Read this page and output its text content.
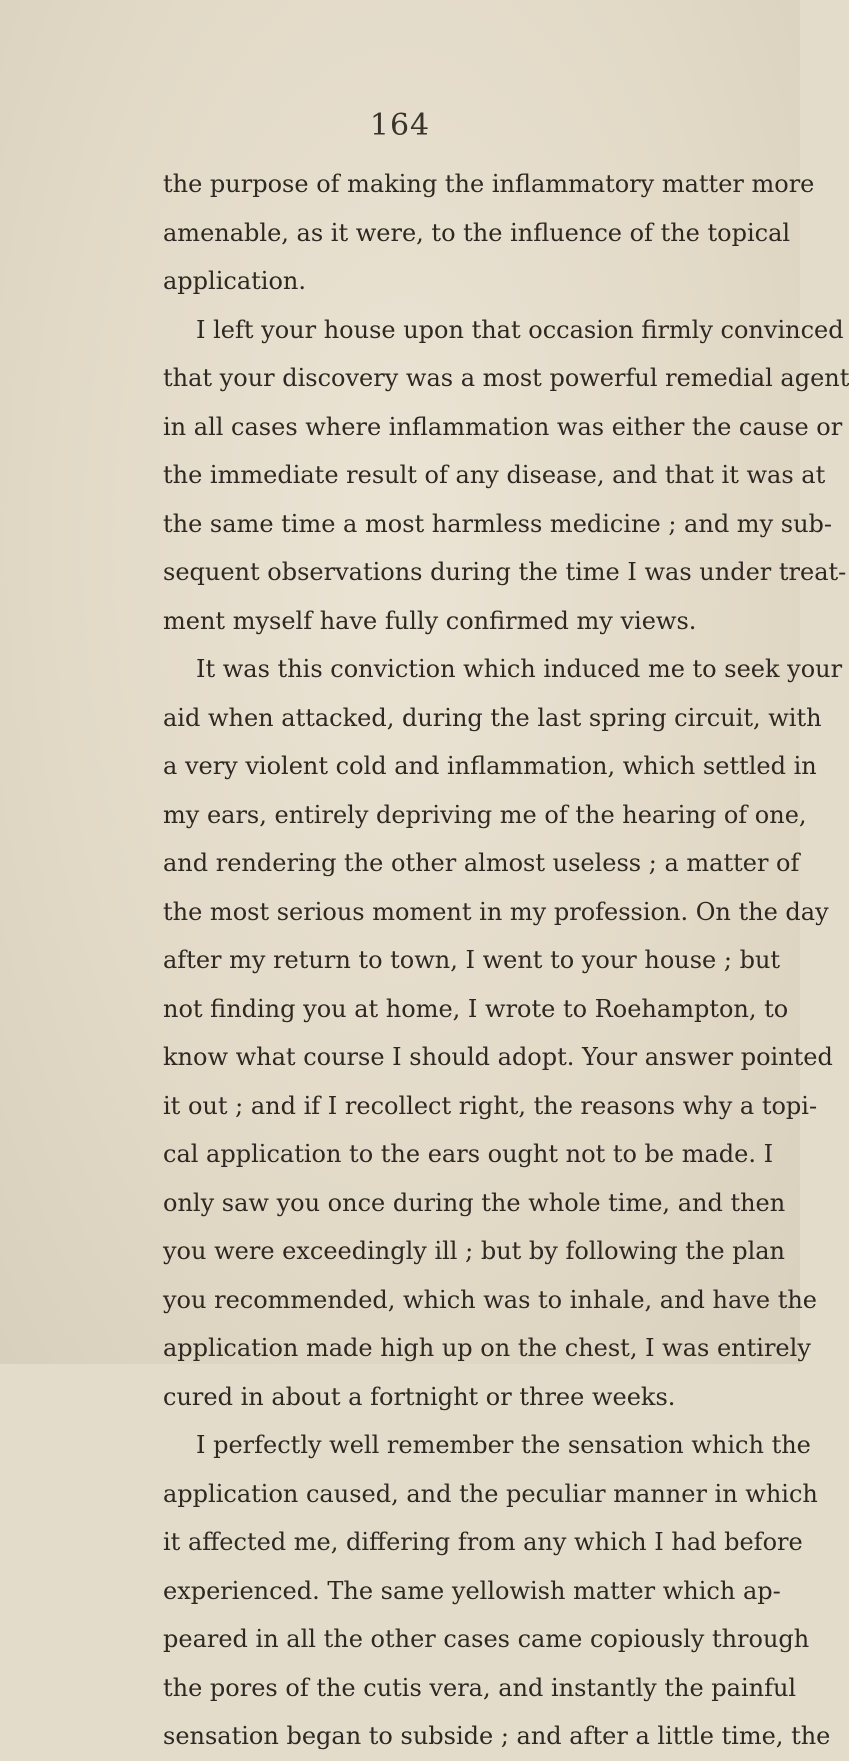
164
the purpose of making the inflammatory matter more
amenable, as it were, to the influence of the topical
application.
I left your house upon that occasion firmly convinced
that your discovery was a most powerful remedial agent
in all cases where inflammation was either the cause or
the immediate result of any disease, and that it was at
the same time a most harmless medicine ; and my sub-
sequent observations during the time I was under treat-
ment myself have fully confirmed my views.
It was this conviction which induced me to seek your
aid when attacked, during the last spring circuit, with
a very violent cold and inflammation, which settled in
my ears, entirely depriving me of the hearing of one,
and rendering the other almost useless ; a matter of
the most serious moment in my profession. On the day
after my return to town, I went to your house ; but
not finding you at home, I wrote to Roehampton, to
know what course I should adopt. Your answer pointed
it out ; and if I recollect right, the reasons why a topi-
cal application to the ears ought not to be made. I
only saw you once during the whole time, and then
you were exceedingly ill ; but by following the plan
you recommended, which was to inhale, and have the
application made high up on the chest, I was entirely
cured in about a fortnight or three weeks.
I perfectly well remember the sensation which the
application caused, and the peculiar manner in which
it affected me, differing from any which I had before
experienced. The same yellowish matter which ap-
peared in all the other cases came copiously through
the pores of the cutis vera, and instantly the painful
sensation began to subside ; and after a little time, the
